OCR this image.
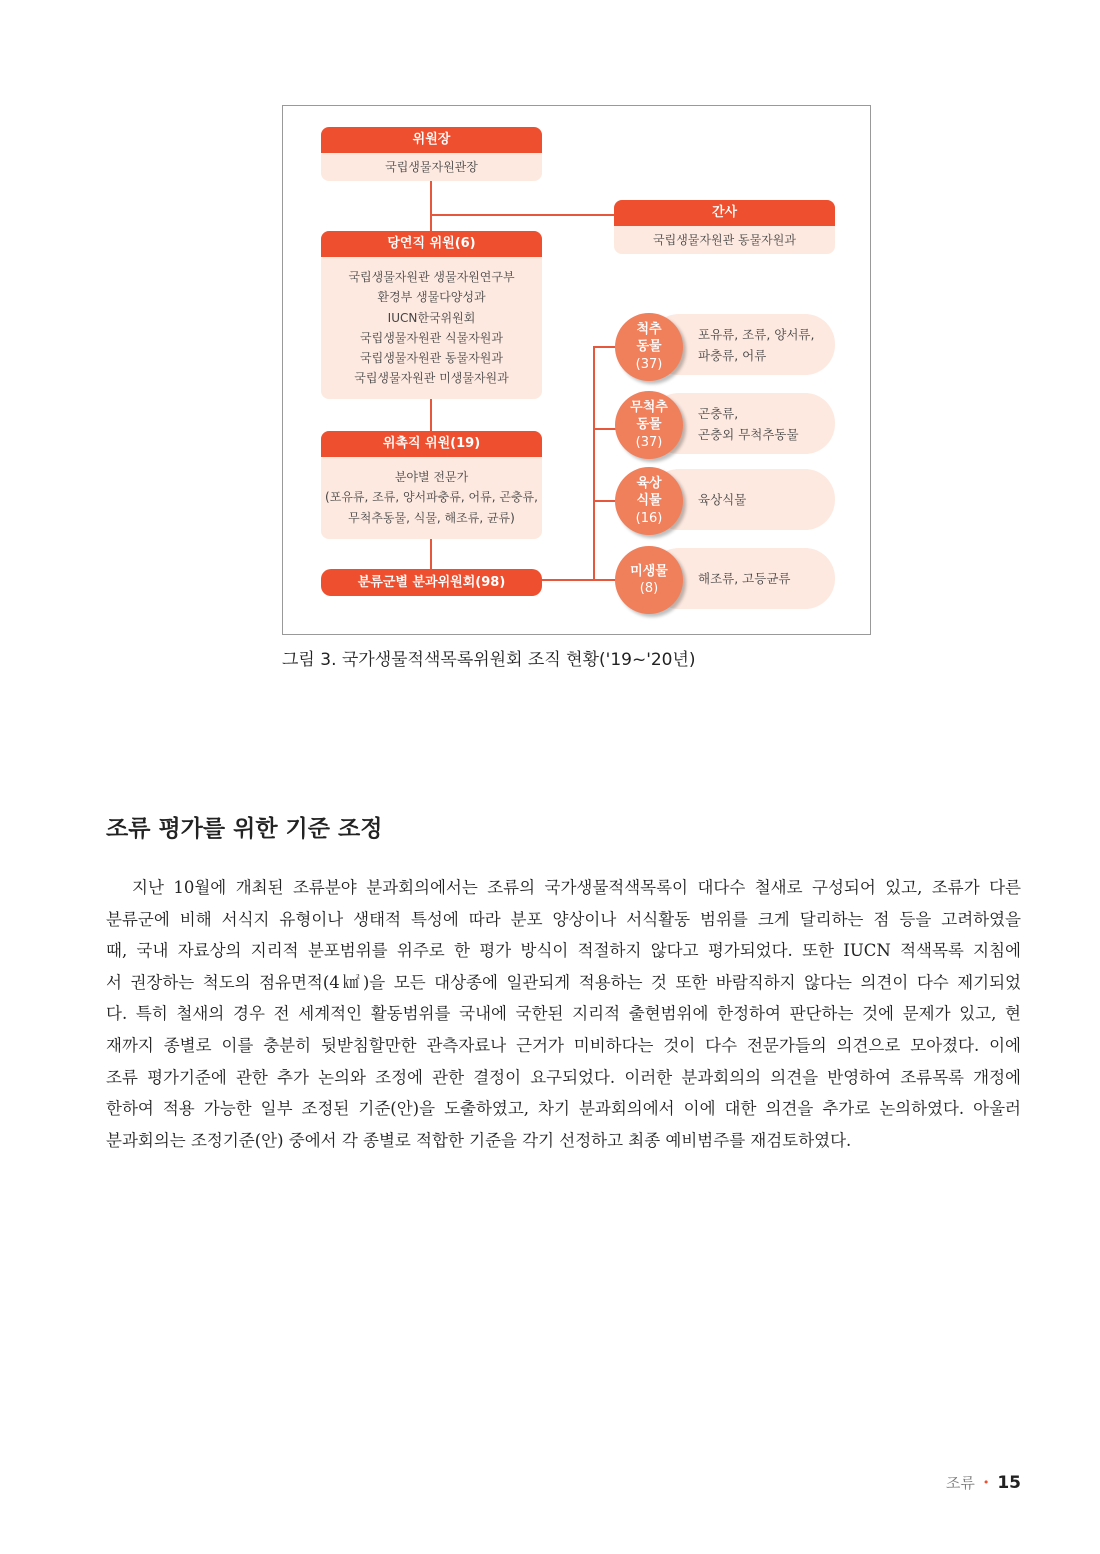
위원장
국립생물자원관장
간사
국립생물자원관 동물자원과
당연직 위원(6)
국립생물자원관 생물자원연구부
환경부 생물다양성과
IUCN한국위원회
국립생물자원관 식물자원과
국립생물자원관 동물자원과
국립생물자원관 미생물자원과
위촉직 위원(19)
분야별 전문가
(포유류, 조류, 양서파충류, 어류, 곤충류,
무척추동물, 식물, 해조류, 균류)
분류군별 분과위원회(98)
포유류, 조류, 양서류,
파충류, 어류
척추
동물
(37)
곤충류,
곤충외 무척추동물
무척추
동물
(37)
육상식물
육상
식물
(16)
해조류, 고등균류
미생물
(8)
그림 3. 국가생물적색목록위원회 조직 현황('19~'20년)
조류 평가를 위한 기준 조정
지난 10월에 개최된 조류분야 분과회의에서는 조류의 국가생물적색목록이 대다수 철새로 구성되어 있고, 조류가 다른
분류군에 비해 서식지 유형이나 생태적 특성에 따라 분포 양상이나 서식활동 범위를 크게 달리하는 점 등을 고려하였을
때, 국내 자료상의 지리적 분포범위를 위주로 한 평가 방식이 적절하지 않다고 평가되었다. 또한 IUCN 적색목록 지침에
서 권장하는 척도의 점유면적(4㎢)을 모든 대상종에 일관되게 적용하는 것 또한 바람직하지 않다는 의견이 다수 제기되었
다. 특히 철새의 경우 전 세계적인 활동범위를 국내에 국한된 지리적 출현범위에 한정하여 판단하는 것에 문제가 있고, 현
재까지 종별로 이를 충분히 뒷받침할만한 관측자료나 근거가 미비하다는 것이 다수 전문가들의 의견으로 모아졌다. 이에
조류 평가기준에 관한 추가 논의와 조정에 관한 결정이 요구되었다. 이러한 분과회의의 의견을 반영하여 조류목록 개정에
한하여 적용 가능한 일부 조정된 기준(안)을 도출하였고, 차기 분과회의에서 이에 대한 의견을 추가로 논의하였다. 아울러
분과회의는 조정기준(안) 중에서 각 종별로 적합한 기준을 각기 선정하고 최종 예비범주를 재검토하였다.
조류 • 15
